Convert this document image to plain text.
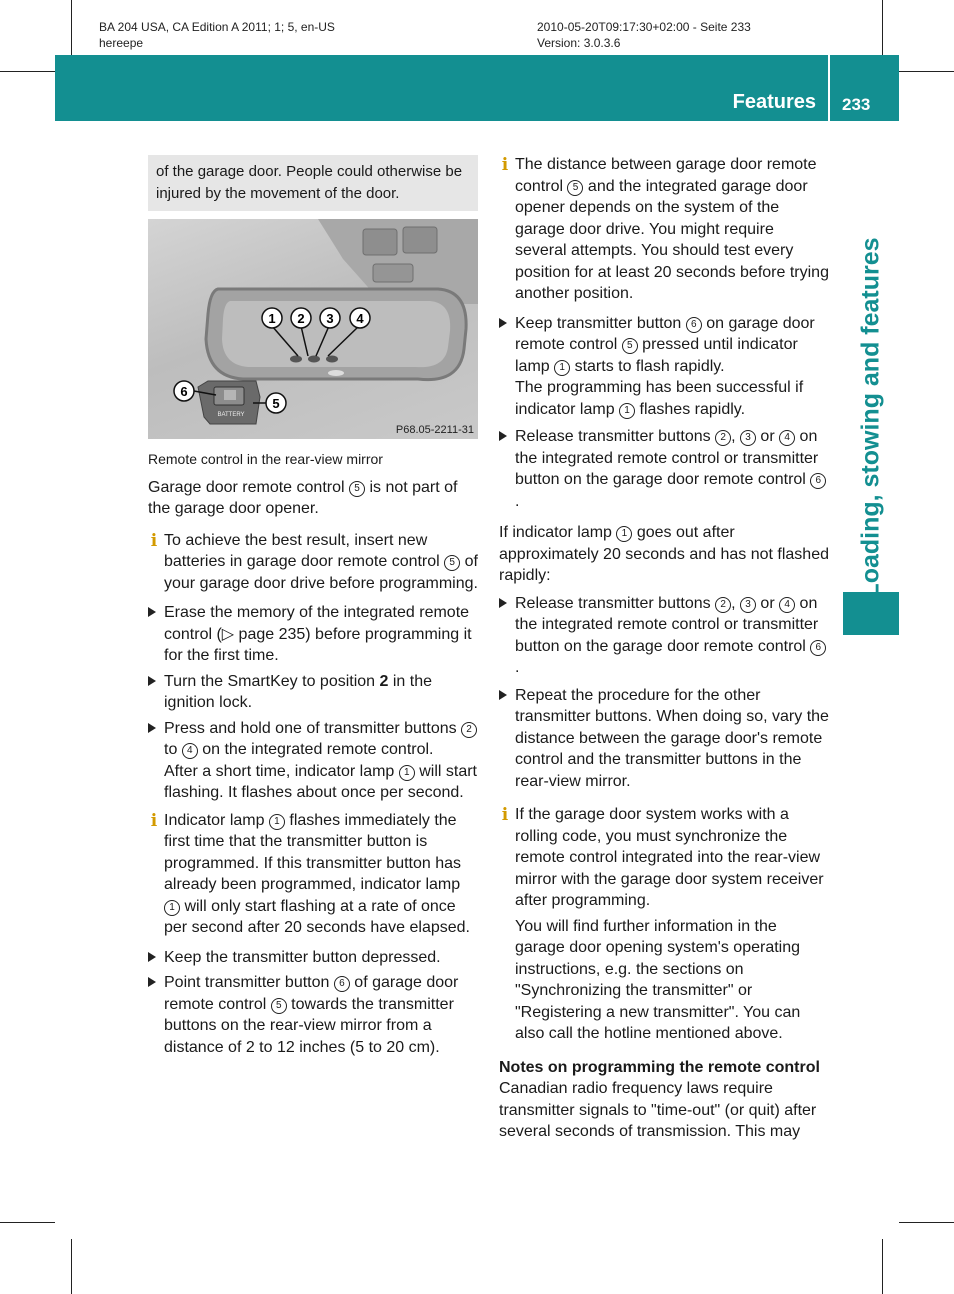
BA 204 USA, CA Edition A 2011; 1; 5, en-US
hereepe
2010-05-20T09:17:30+02:00 - Seite 233
Version: 3.0.3.6
Features 233
Loading, stowing and features
of the garage door. People could otherwise be injured by the movement of the door.
1 2 3 4
BATTERY
6
5
P68.05-2211-31
Remote control in the rear-view mirror

Garage door remote control 5 is not part of the garage door opener.

i To achieve the best result, insert new batteries in garage door remote control 5 of your garage door drive before programming.
Erase the memory of the integrated remote control (▷ page 235) before programming it for the first time.
Turn the SmartKey to position 2 in the ignition lock.
Press and hold one of transmitter buttons 2 to 4 on the integrated remote control.
After a short time, indicator lamp 1 will start flashing. It flashes about once per second.
i Indicator lamp 1 flashes immediately the first time that the transmitter button is programmed. If this transmitter button has already been programmed, indicator lamp 1 will only start flashing at a rate of once per second after 20 seconds have elapsed.
Keep the transmitter button depressed.
Point transmitter button 6 of garage door remote control 5 towards the transmitter buttons on the rear-view mirror from a distance of 2 to 12 inches (5 to 20 cm).
i The distance between garage door remote control 5 and the integrated garage door opener depends on the system of the garage door drive. You might require several attempts. You should test every position for at least 20 seconds before trying another position.
Keep transmitter button 6 on garage door remote control 5 pressed until indicator lamp 1 starts to flash rapidly.
The programming has been successful if indicator lamp 1 flashes rapidly.
Release transmitter buttons 2 , 3 or 4 on the integrated remote control or transmitter button on the garage door remote control 6.

If indicator lamp 1 goes out after approximately 20 seconds and has not flashed rapidly:

Release transmitter buttons 2 , 3 or 4 on the integrated remote control or transmitter button on the garage door remote control 6.
Repeat the procedure for the other transmitter buttons. When doing so, vary the distance between the garage door's remote control and the transmitter buttons in the rear-view mirror.
i If the garage door system works with a rolling code, you must synchronize the remote control integrated into the rear-view mirror with the garage door system receiver after programming.

You will find further information in the garage door opening system's operating instructions, e.g. the sections on "Synchronizing the transmitter" or "Registering a new transmitter". You can also call the hotline mentioned above.

Notes on programming the remote control

Canadian radio frequency laws require transmitter signals to "time-out" (or quit) after several seconds of transmission. This may
